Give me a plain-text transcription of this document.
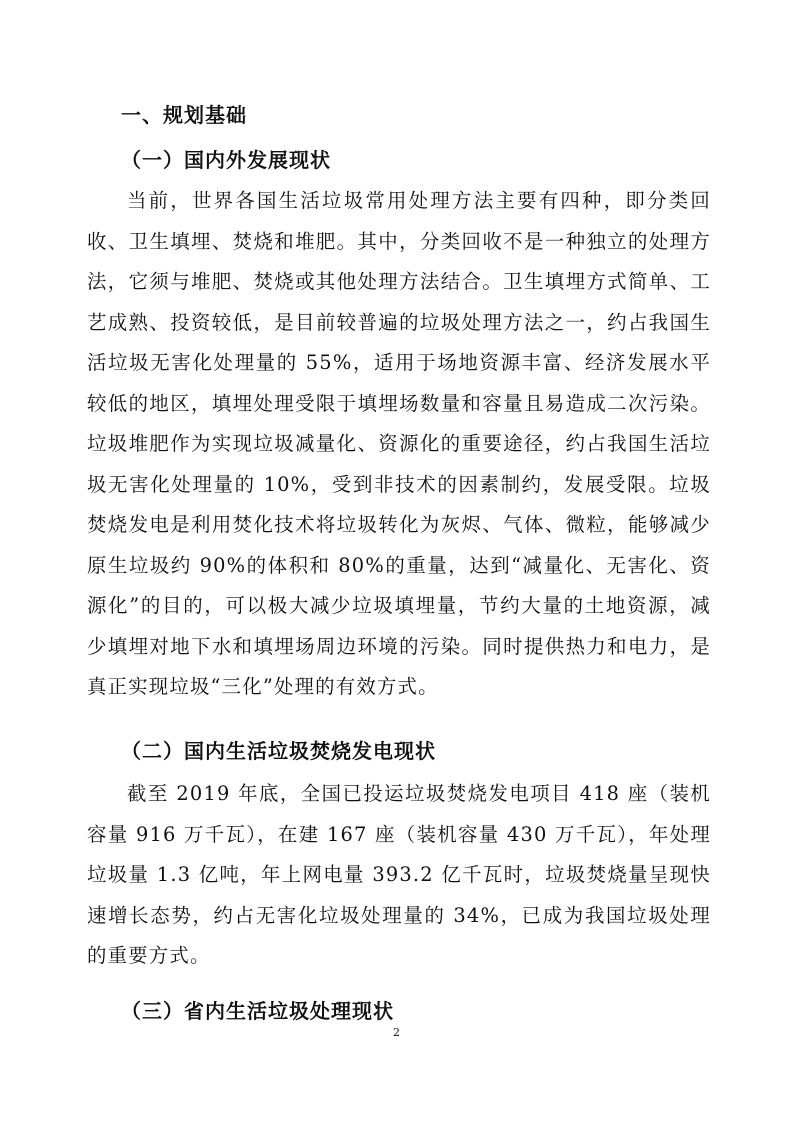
一、规划基础
（一）国内外发展现状

当前，世界各国生活垃圾常用处理方法主要有四种，即分类回收、卫生填埋、焚烧和堆肥。其中，分类回收不是一种独立的处理方法，它须与堆肥、焚烧或其他处理方法结合。卫生填埋方式简单、工艺成熟、投资较低，是目前较普遍的垃圾处理方法之一，约占我国生活垃圾无害化处理量的 55%，适用于场地资源丰富、经济发展水平较低的地区，填埋处理受限于填埋场数量和容量且易造成二次污染。垃圾堆肥作为实现垃圾减量化、资源化的重要途径，约占我国生活垃圾无害化处理量的 10%，受到非技术的因素制约，发展受限。垃圾焚烧发电是利用焚化技术将垃圾转化为灰烬、气体、微粒，能够减少原生垃圾约 90%的体积和 80%的重量，达到“减量化、无害化、资源化”的目的，可以极大减少垃圾填埋量，节约大量的土地资源，减少填埋对地下水和填埋场周边环境的污染。同时提供热力和电力，是真正实现垃圾“三化”处理的有效方式。

（二）国内生活垃圾焚烧发电现状

截至 2019 年底，全国已投运垃圾焚烧发电项目 418 座（装机容量 916 万千瓦），在建 167 座（装机容量 430 万千瓦），年处理垃圾量 1.3 亿吨，年上网电量 393.2 亿千瓦时，垃圾焚烧量呈现快速增长态势，约占无害化垃圾处理量的 34%，已成为我国垃圾处理的重要方式。

（三）省内生活垃圾处理现状
2
